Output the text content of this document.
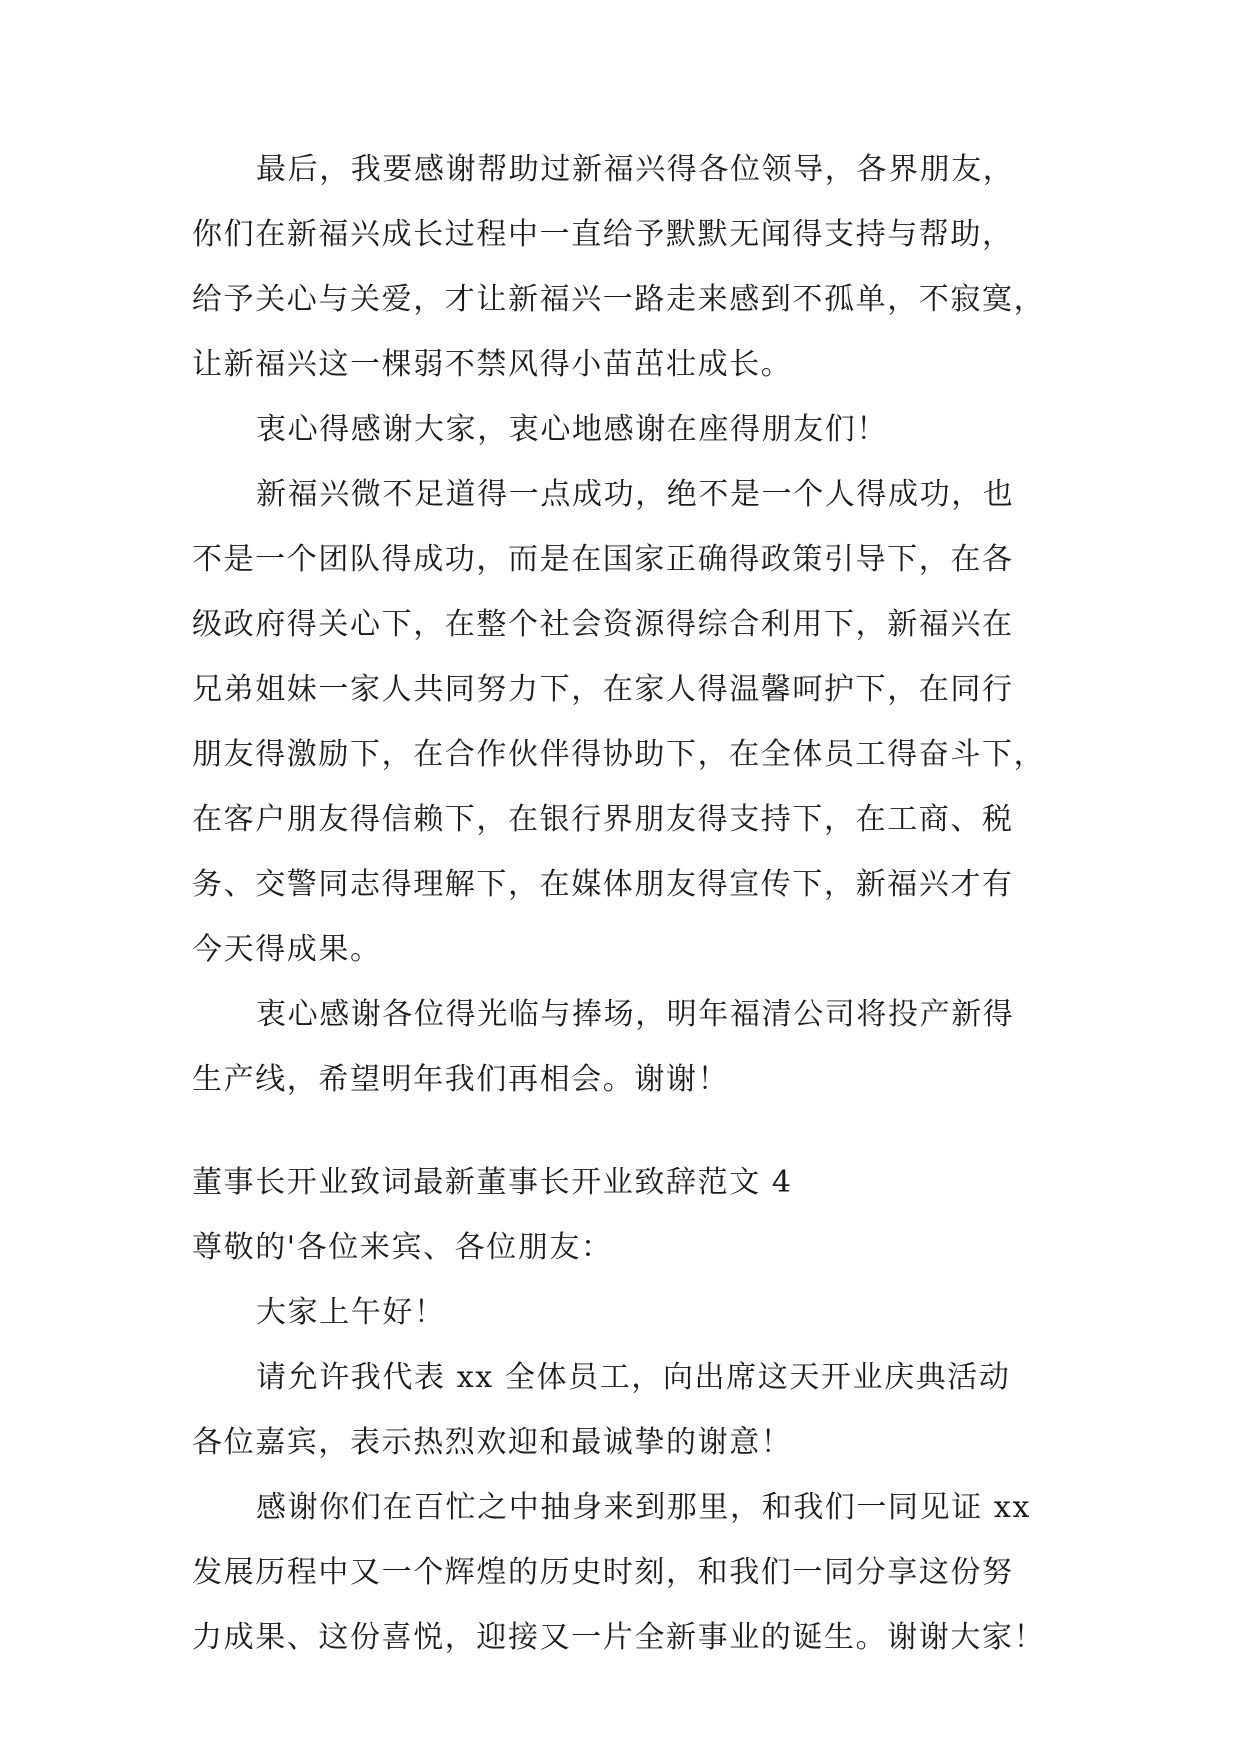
最后，我要感谢帮助过新福兴得各位领导，各界朋友，
你们在新福兴成长过程中一直给予默默无闻得支持与帮助，
给予关心与关爱，才让新福兴一路走来感到不孤单，不寂寞，
让新福兴这一棵弱不禁风得小苗茁壮成长。
衷心得感谢大家，衷心地感谢在座得朋友们！
新福兴微不足道得一点成功，绝不是一个人得成功，也
不是一个团队得成功，而是在国家正确得政策引导下，在各
级政府得关心下，在整个社会资源得综合利用下，新福兴在
兄弟姐妹一家人共同努力下，在家人得温馨呵护下，在同行
朋友得激励下，在合作伙伴得协助下，在全体员工得奋斗下，
在客户朋友得信赖下，在银行界朋友得支持下，在工商、税
务、交警同志得理解下，在媒体朋友得宣传下，新福兴才有
今天得成果。
衷心感谢各位得光临与捧场，明年福清公司将投产新得
生产线，希望明年我们再相会。谢谢！
董事长开业致词最新董事长开业致辞范文 4
尊敬的'各位来宾、各位朋友：
大家上午好！
请允许我代表 xx 全体员工，向出席这天开业庆典活动
各位嘉宾，表示热烈欢迎和最诚挚的谢意！
感谢你们在百忙之中抽身来到那里，和我们一同见证 xx
发展历程中又一个辉煌的历史时刻，和我们一同分享这份努
力成果、这份喜悦，迎接又一片全新事业的诞生。谢谢大家！
